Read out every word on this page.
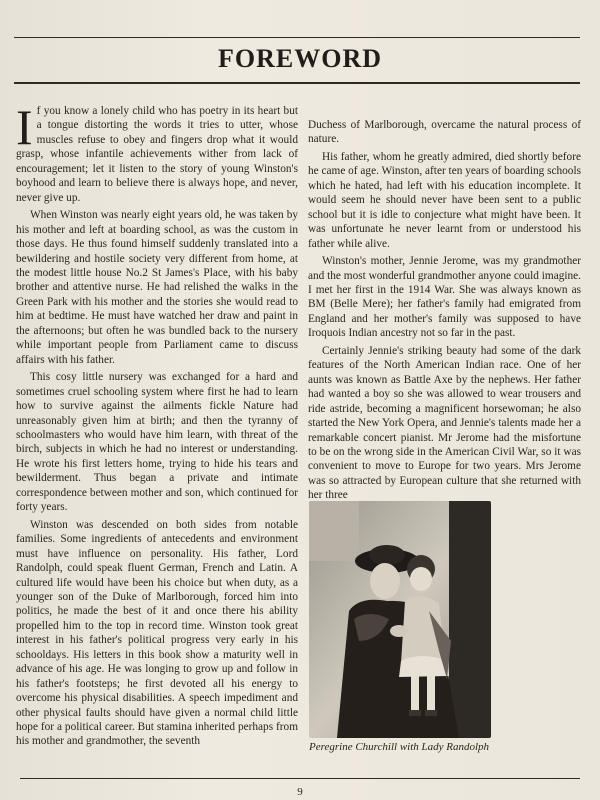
FOREWORD

If you know a lonely child who has poetry in its heart but a tongue distorting the words it tries to utter, whose muscles refuse to obey and fingers drop what it would grasp, whose infantile achievements wither from lack of encouragement; let it listen to the story of young Winston's boyhood and learn to believe there is always hope, and never, never give up.

When Winston was nearly eight years old, he was taken by his mother and left at boarding school, as was the custom in those days. He thus found himself suddenly translated into a bewildering and hostile society very different from home, at the modest little house No.2 St James's Place, with his baby brother and attentive nurse. He had relished the walks in the Green Park with his mother and the stories she would read to him at bedtime. He must have watched her draw and paint in the afternoons; but often he was bundled back to the nursery while important people from Parliament came to discuss affairs with his father.

This cosy little nursery was exchanged for a hard and sometimes cruel schooling system where first he had to learn how to survive against the ailments fickle Nature had unreasonably given him at birth; and then the tyranny of schoolmasters who would have him learn, with threat of the birch, subjects in which he had no interest or understanding. He wrote his first letters home, trying to hide his tears and bewilderment. Thus began a private and intimate correspondence between mother and son, which continued for forty years.

Winston was descended on both sides from notable families. Some ingredients of antecedents and environment must have influence on personality. His father, Lord Randolph, could speak fluent German, French and Latin. A cultured life would have been his choice but when duty, as a younger son of the Duke of Marlborough, forced him into politics, he made the best of it and once there his ability propelled him to the top in record time. Winston took great interest in his father's political progress very early in his schooldays. His letters in this book show a maturity well in advance of his age. He was longing to grow up and follow in his father's footsteps; he first devoted all his energy to overcome his physical disabilities. A speech impediment and other physical faults should have given a normal child little hope for a political career. But stamina inherited perhaps from his mother and grandmother, the seventh

Duchess of Marlborough, overcame the natural process of nature.

His father, whom he greatly admired, died shortly before he came of age. Winston, after ten years of boarding schools which he hated, had left with his education incomplete. It would seem he should never have been sent to a public school but it is idle to conjecture what might have been. It was unfortunate he never learnt from or understood his father while alive.

Winston's mother, Jennie Jerome, was my grandmother and the most wonderful grandmother anyone could imagine. I met her first in the 1914 War. She was always known as BM (Belle Mere); her father's family had emigrated from England and her mother's family was supposed to have Iroquois Indian ancestry not so far in the past.

Certainly Jennie's striking beauty had some of the dark features of the North American Indian race. One of her aunts was known as Battle Axe by the nephews. Her father had wanted a boy so she was allowed to wear trousers and ride astride, becoming a magnificent horsewoman; he also started the New York Opera, and Jennie's talents made her a remarkable concert pianist. Mr Jerome had the misfortune to be on the wrong side in the American Civil War, so it was convenient to move to Europe for two years. Mrs Jerome was so attracted by European culture that she returned with her three

Peregrine Churchill with Lady Randolph
9
